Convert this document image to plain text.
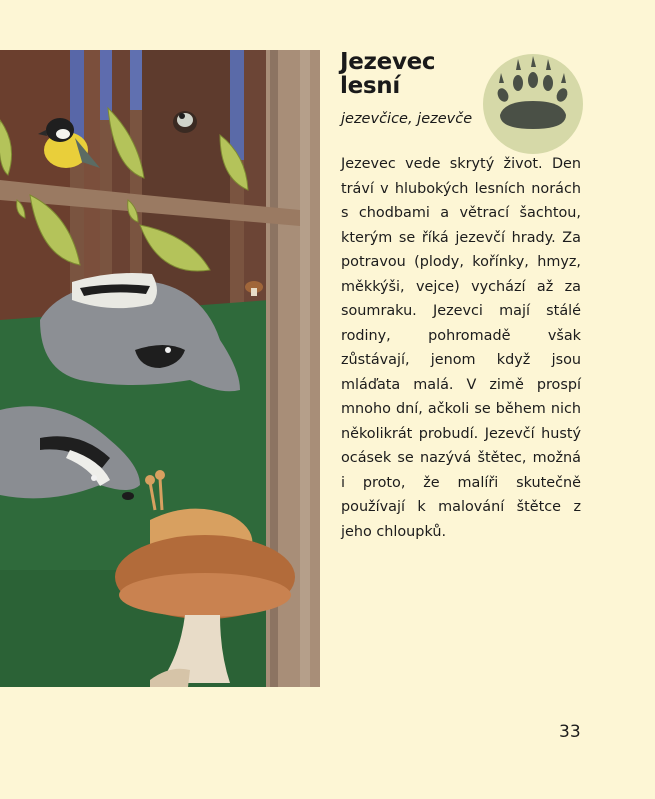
Jezevec
lesní
jezevčice, jezevče

Jezevec vede skrytý život. Den tráví v hlubokých lesních norách s chodbami a větrací šachtou, kterým se říká jezevčí hrady. Za potravou (plody, kořínky, hmyz, měkkýši, vejce) vychází až za soumraku. Jezevci mají stálé rodiny, pohromadě však zůstávají, jenom když jsou mláďata malá. V zimě prospí mnoho dní, ačkoli se během nich několikrát probudí. Jezevčí hustý ocásek se nazývá štětec, možná i proto, že malíři skutečně používají k malování štětce z jeho chloupků.

33
